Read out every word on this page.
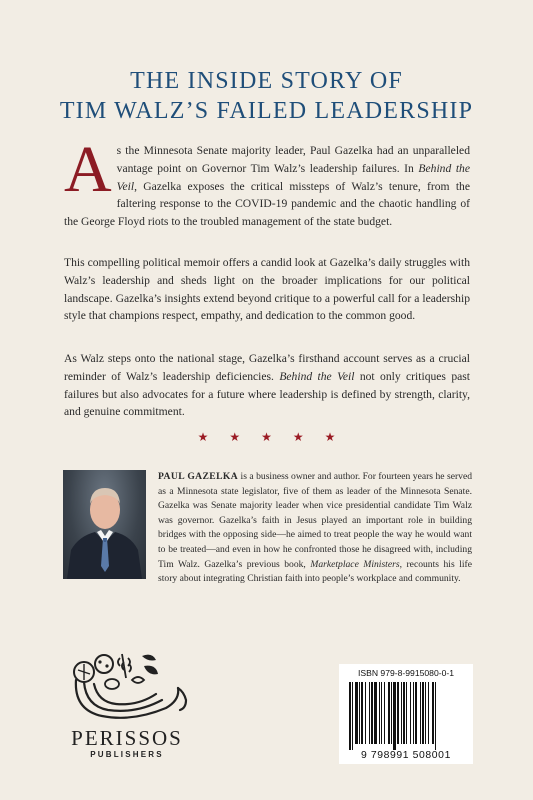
THE INSIDE STORY OF
TIM WALZ’S FAILED LEADERSHIP
As the Minnesota Senate majority leader, Paul Gazelka had an unparalleled vantage point on Governor Tim Walz’s leadership failures. In Behind the Veil, Gazelka exposes the critical missteps of Walz’s tenure, from the faltering response to the COVID-19 pandemic and the chaotic handling of the George Floyd riots to the troubled management of the state budget.
This compelling political memoir offers a candid look at Gazelka’s daily struggles with Walz’s leadership and sheds light on the broader implications for our political landscape. Gazelka’s insights extend beyond critique to a powerful call for a leadership style that champions respect, empathy, and dedication to the common good.
As Walz steps onto the national stage, Gazelka’s firsthand account serves as a crucial reminder of Walz’s leadership deficiencies. Behind the Veil not only critiques past failures but also advocates for a future where leadership is defined by strength, clarity, and genuine commitment.
★★★★★
PAUL GAZELKA is a business owner and author. For fourteen years he served as a Minnesota state legislator, five of them as leader of the Minnesota Senate. Gazelka was Senate majority leader when vice presidential candidate Tim Walz was governor. Gazelka’s faith in Jesus played an important role in building bridges with the opposing side—he aimed to treat people the way he would want to be treated—and even in how he confronted those he disagreed with, including Tim Walz. Gazelka’s previous book, Marketplace Ministers, recounts his life story about integrating Christian faith into people’s workplace and community.
PERISSOS
PUBLISHERS
ISBN 979-8-9915080-0-1
9 798991 508001
